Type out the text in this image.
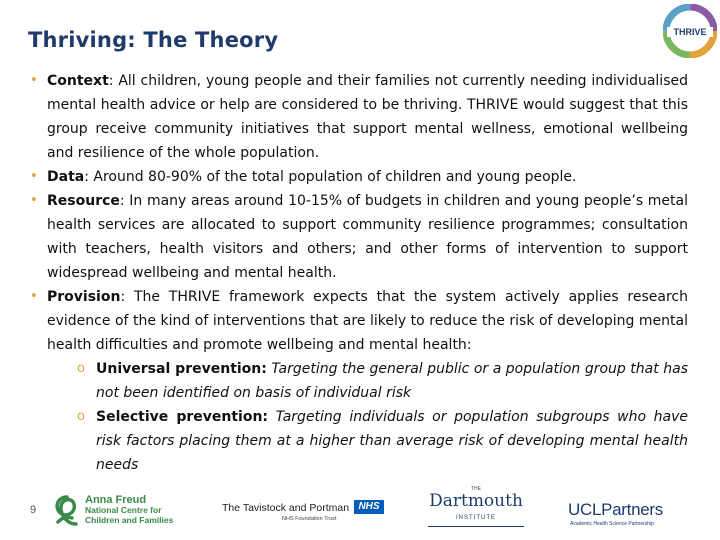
Thriving: The Theory	THRIVE
• Context: All children, young people and their families not currently needing individualised mental health advice or help are considered to be thriving. THRIVE would suggest that this group receive community initiatives that support mental wellness, emotional wellbeing and resilience of the whole population.
• Data: Around 80-90% of the total population of children and young people.
• Resource: In many areas around 10-15% of budgets in children and young people’s metal health services are allocated to support community resilience programmes; consultation with teachers, health visitors and others; and other forms of intervention to support widespread wellbeing and mental health.
• Provision: The THRIVE framework expects that the system actively applies research evidence of the kind of interventions that are likely to reduce the risk of developing mental health difficulties and promote wellbeing and mental health:
o Universal prevention: Targeting the general public or a population group that has not been identified on basis of individual risk
o Selective prevention: Targeting individuals or population subgroups who have risk factors placing them at a higher than average risk of developing mental health needs
9
Anna Freud
National Centre for
Children and Families
The Tavistock and Portman NHS
NHS Foundation Trust
THE
Dartmouth
INSTITUTE	UCLPartners
Academic Health Science Partnership
